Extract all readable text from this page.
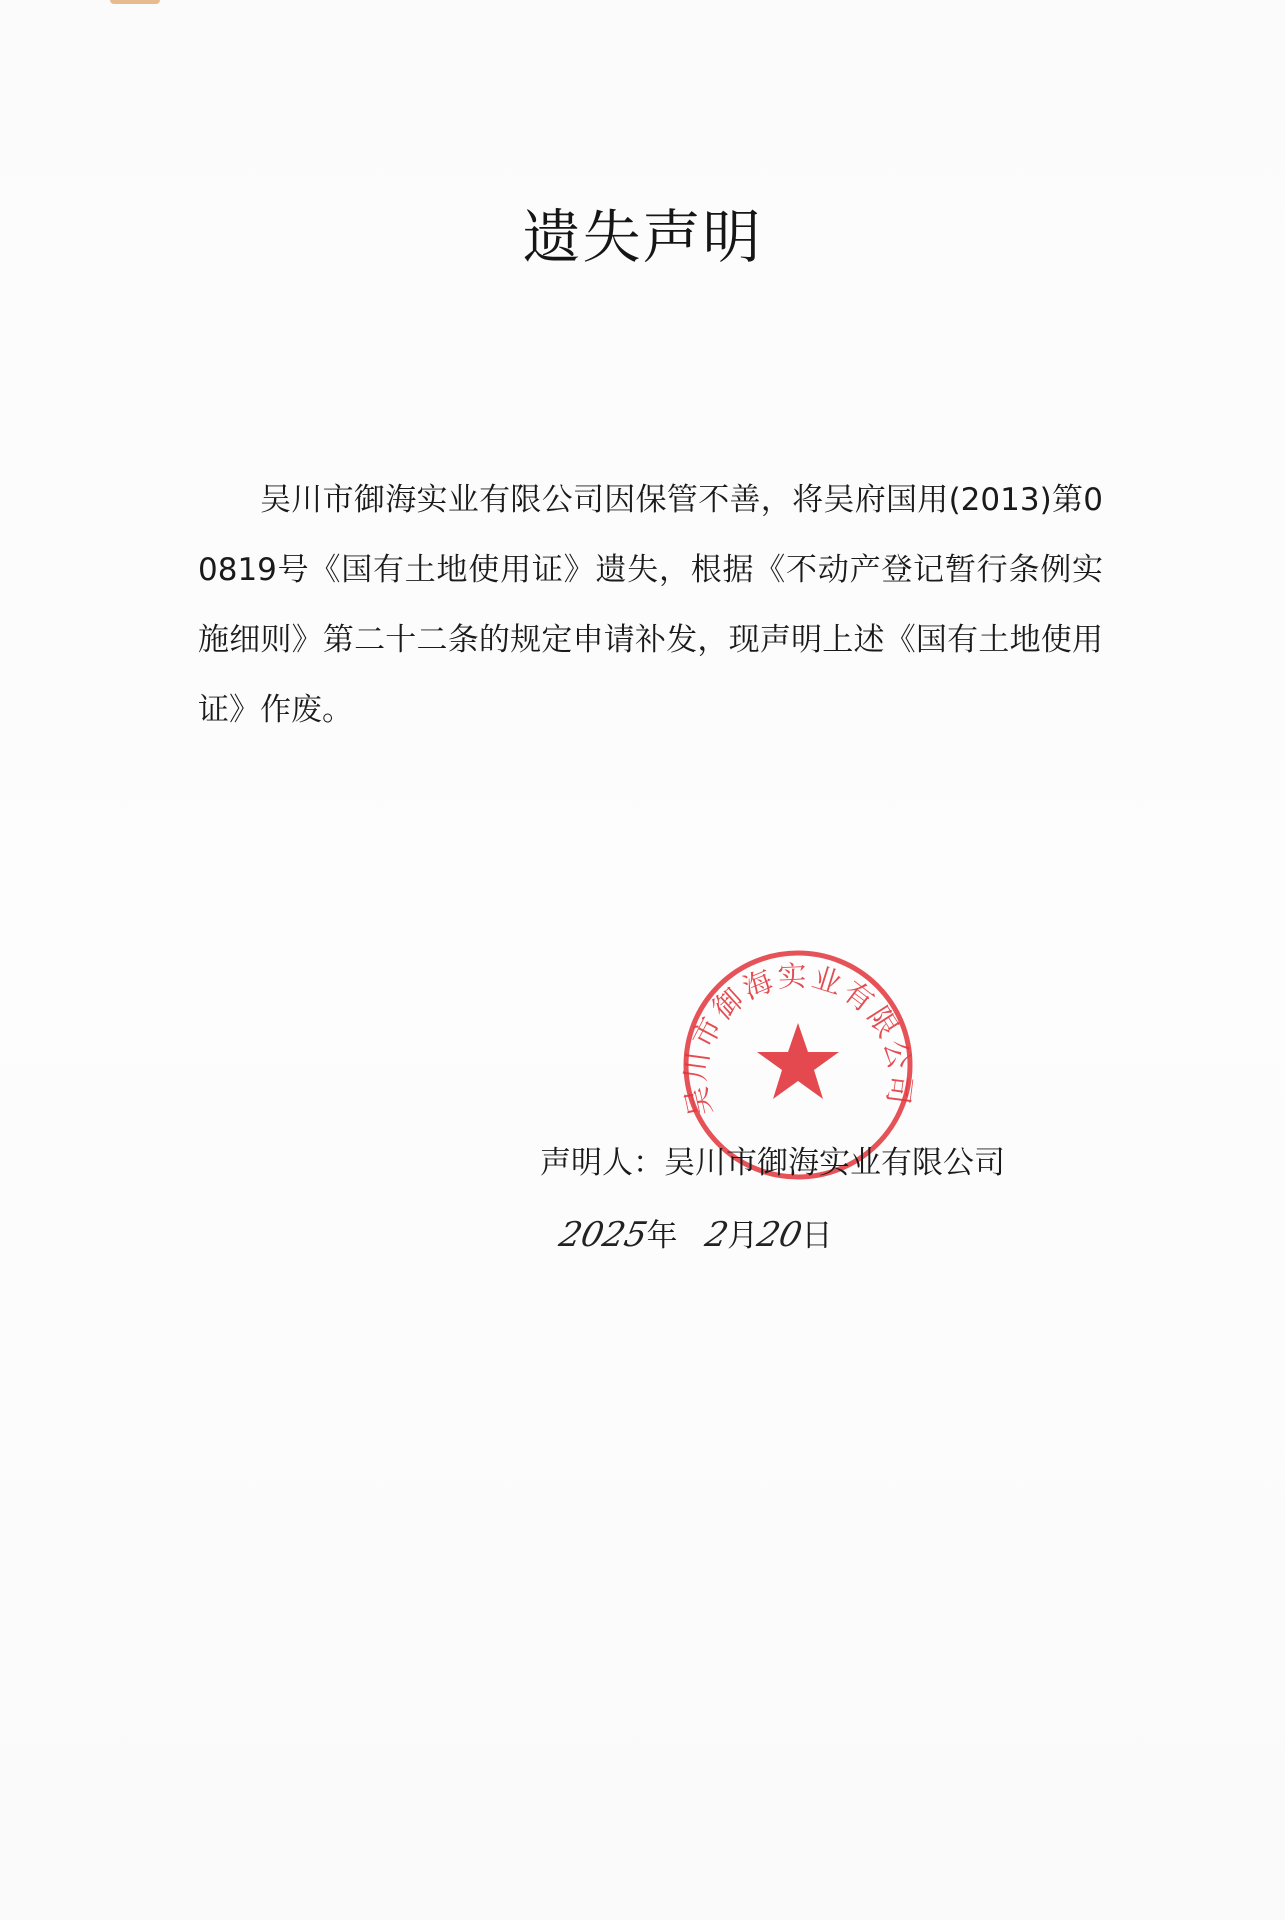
遗失声明

吴川市御海实业有限公司因保管不善，将吴府国用(2013)第00819号《国有土地使用证》遗失，根据《不动产登记暂行条例实施细则》第二十二条的规定申请补发，现声明上述《国有土地使用证》作废。

吴川市御海实业有限公司
声明人：吴川市御海实业有限公司
2025年 2月20日
